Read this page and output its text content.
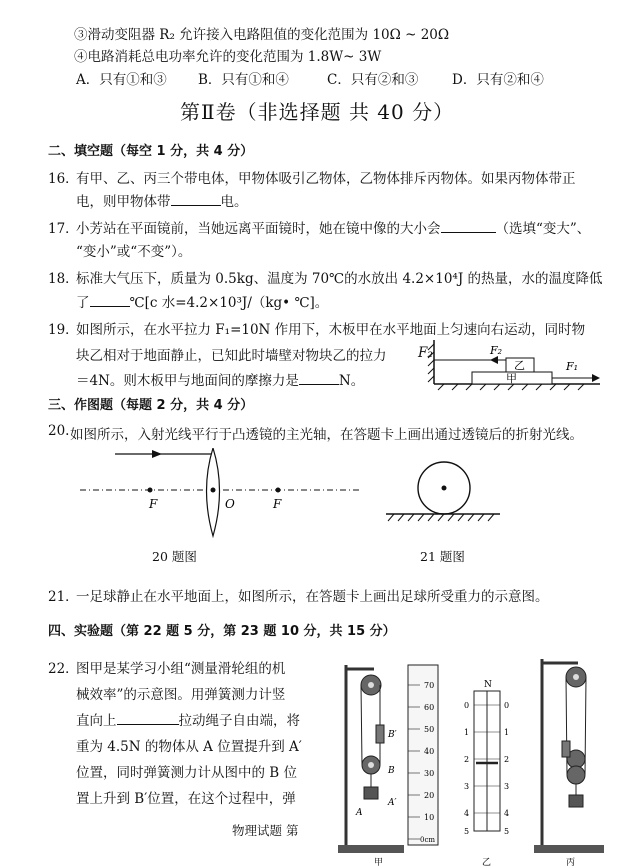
③滑动变阻器 R₂ 允许接入电路阻值的变化范围为 10Ω ~ 20Ω
④电路消耗总电功率允许的变化范围为 1.8W~ 3W
A．只有①和③ B．只有①和④	C．只有②和③ D．只有②和④
第Ⅱ卷（非选择题 共 40 分）
二、填空题（每空 1 分，共 4 分）
16．
有甲、乙、丙三个带电体，甲物体吸引乙物体，乙物体排斥丙物体。如果丙物体带正
电，则甲物体带	电。
17．
小芳站在平面镜前，当她远离平面镜时，她在镜中像的大小会	（选填“变大”、
“变小”或“不变”）。
18．
标准大气压下，质量为 0.5kg、温度为 70℃的水放出 4.2×10⁴J 的热量，水的温度降低
了	℃[c 水=4.2×10³J/（kg• ℃]。
19．
如图所示，在水平拉力 F₁=10N 作用下，木板甲在水平地面上匀速向右运动，同时物
块乙相对于地面静止，已知此时墙壁对物块乙的拉力
＝4N。则木板甲与地面间的摩擦力是	N。	甲
乙
F₂
F₁
F₂
三、作图题（每题 2 分，共 4 分）
20. 如图所示，入射光线平行于凸透镜的主光轴，在答题卡上画出通过透镜后的折射光线。
F	O	F
20 题图	21 题图
21．
一足球静止在水平地面上，如图所示，在答题卡上画出足球所受重力的示意图。
四、实验题（第 22 题 5 分，第 23 题 10 分，共 15 分）
22．
图甲是某学习小组“测量滑轮组的机
械效率”的示意图。用弹簧测力计竖
直向上	拉动绳子自由端，将
重为 4.5N 的物体从 A 位置提升到 A′
位置，同时弹簧测力计从图中的 B 位
置上升到 B′位置，在这个过程中，弹
A
B
B′
A′
70
60
50
40
30
20
10
0cm
N
0
1
2
3
4
5
0
1
2
3
4
5
甲	乙	丙
物理试题 第
